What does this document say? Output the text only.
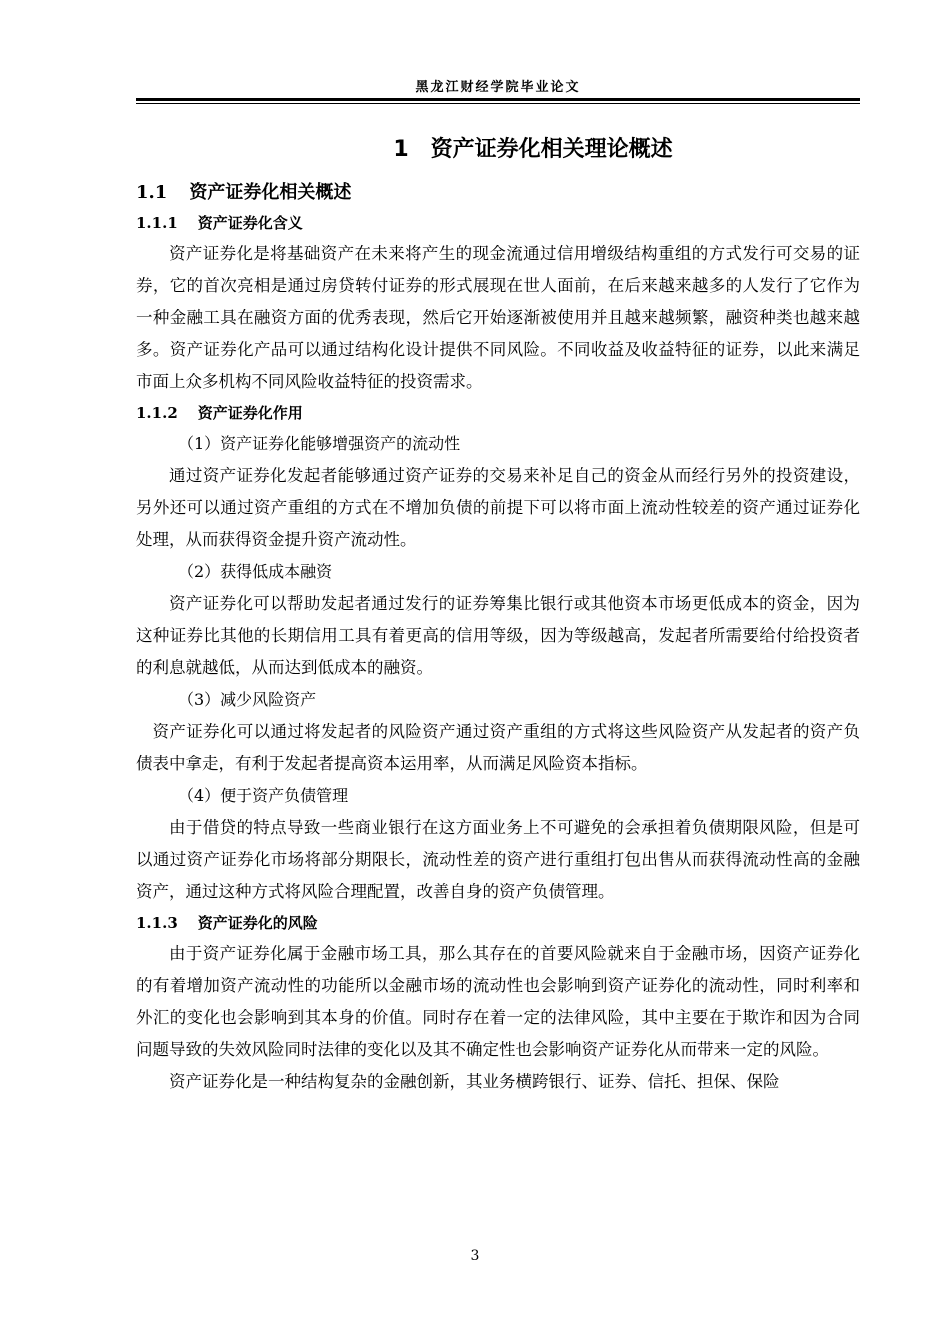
黑龙江财经学院毕业论文
1 资产证券化相关理论概述
1.1 资产证券化相关概述
1.1.1 资产证券化含义

资产证券化是将基础资产在未来将产生的现金流通过信用增级结构重组的方式发行可交易的证券，它的首次亮相是通过房贷转付证券的形式展现在世人面前，在后来越来越多的人发行了它作为一种金融工具在融资方面的优秀表现，然后它开始逐渐被使用并且越来越频繁，融资种类也越来越多。资产证券化产品可以通过结构化设计提供不同风险。不同收益及收益特征的证券，以此来满足市面上众多机构不同风险收益特征的投资需求。

1.1.2 资产证券化作用

（1）资产证券化能够增强资产的流动性

通过资产证券化发起者能够通过资产证券的交易来补足自己的资金从而经行另外的投资建设，另外还可以通过资产重组的方式在不增加负债的前提下可以将市面上流动性较差的资产通过证券化处理，从而获得资金提升资产流动性。

（2）获得低成本融资

资产证券化可以帮助发起者通过发行的证券筹集比银行或其他资本市场更低成本的资金，因为这种证券比其他的长期信用工具有着更高的信用等级，因为等级越高，发起者所需要给付给投资者的利息就越低，从而达到低成本的融资。

（3）减少风险资产

资产证券化可以通过将发起者的风险资产通过资产重组的方式将这些风险资产从发起者的资产负债表中拿走，有利于发起者提高资本运用率，从而满足风险资本指标。

（4）便于资产负债管理

由于借贷的特点导致一些商业银行在这方面业务上不可避免的会承担着负债期限风险，但是可以通过资产证券化市场将部分期限长，流动性差的资产进行重组打包出售从而获得流动性高的金融资产，通过这种方式将风险合理配置，改善自身的资产负债管理。

1.1.3 资产证券化的风险

由于资产证券化属于金融市场工具，那么其存在的首要风险就来自于金融市场，因资产证券化的有着增加资产流动性的功能所以金融市场的流动性也会影响到资产证券化的流动性，同时利率和外汇的变化也会影响到其本身的价值。同时存在着一定的法律风险，其中主要在于欺诈和因为合同问题导致的失效风险同时法律的变化以及其不确定性也会影响资产证券化从而带来一定的风险。

资产证券化是一种结构复杂的金融创新，其业务横跨银行、证券、信托、担保、保险

3
